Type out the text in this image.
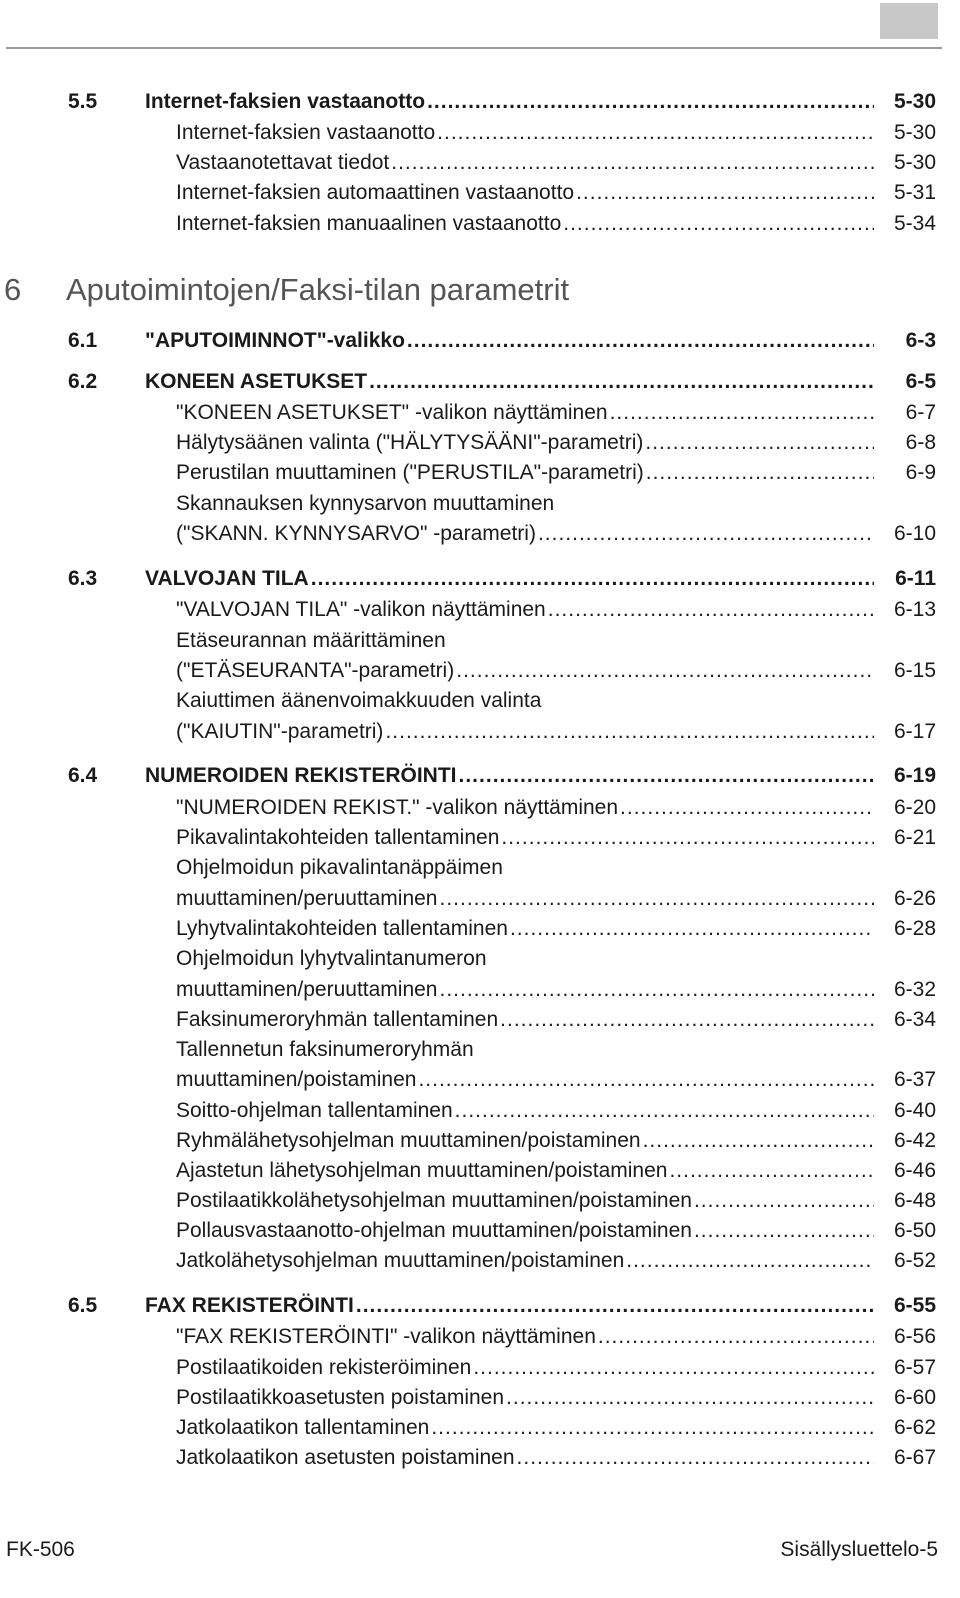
5.5 Internet-faksien vastaanotto .....	5-30
Internet-faksien vastaanotto .....	5-30
Vastaanotettavat tiedot .....	5-30
Internet-faksien automaattinen vastaanotto .....	5-31
Internet-faksien manuaalinen vastaanotto .....	5-34
6 Aputoimintojen/Faksi-tilan parametrit
6.1 "APUTOIMINNOT"-valikko .....	6-3
6.2 KONEEN ASETUKSET .....	6-5
"KONEEN ASETUKSET" -valikon näyttäminen .....	6-7
Hälytysäänen valinta ("HÄLYTYSÄÄNI"-parametri) .....	6-8
Perustilan muuttaminen ("PERUSTILA"-parametri) .....	6-9
Skannauksen kynnysarvon muuttaminen
("SKANN. KYNNYSARVO" -parametri) .....	6-10
6.3 VALVOJAN TILA .....	6-11
"VALVOJAN TILA" -valikon näyttäminen .....	6-13
Etäseurannan määrittäminen
("ETÄSEURANTA"-parametri) .....	6-15
Kaiuttimen äänenvoimakkuuden valinta
("KAIUTIN"-parametri) .....	6-17
6.4 NUMEROIDEN REKISTERÖINTI .....	6-19
"NUMEROIDEN REKIST." -valikon näyttäminen .....	6-20
Pikavalintakohteiden tallentaminen .....	6-21
Ohjelmoidun pikavalintanäppäimen
muuttaminen/peruuttaminen .....	6-26
Lyhytvalintakohteiden tallentaminen .....	6-28
Ohjelmoidun lyhytvalintanumeron
muuttaminen/peruuttaminen .....	6-32
Faksinumeroryhmän tallentaminen .....	6-34
Tallennetun faksinumeroryhmän
muuttaminen/poistaminen .....	6-37
Soitto-ohjelman tallentaminen .....	6-40
Ryhmälähetysohjelman muuttaminen/poistaminen .....	6-42
Ajastetun lähetysohjelman muuttaminen/poistaminen .....	6-46
Postilaatikkolähetysohjelman muuttaminen/poistaminen .....	6-48
Pollausvastaanotto-ohjelman muuttaminen/poistaminen .....	6-50
Jatkolähetysohjelman muuttaminen/poistaminen .....	6-52
6.5 FAX REKISTERÖINTI .....	6-55
"FAX REKISTERÖINTI" -valikon näyttäminen .....	6-56
Postilaatikoiden rekisteröiminen .....	6-57
Postilaatikkoasetusten poistaminen .....	6-60
Jatkolaatikon tallentaminen .....	6-62
Jatkolaatikon asetusten poistaminen .....	6-67
FK-506	Sisällysluettelo-5
